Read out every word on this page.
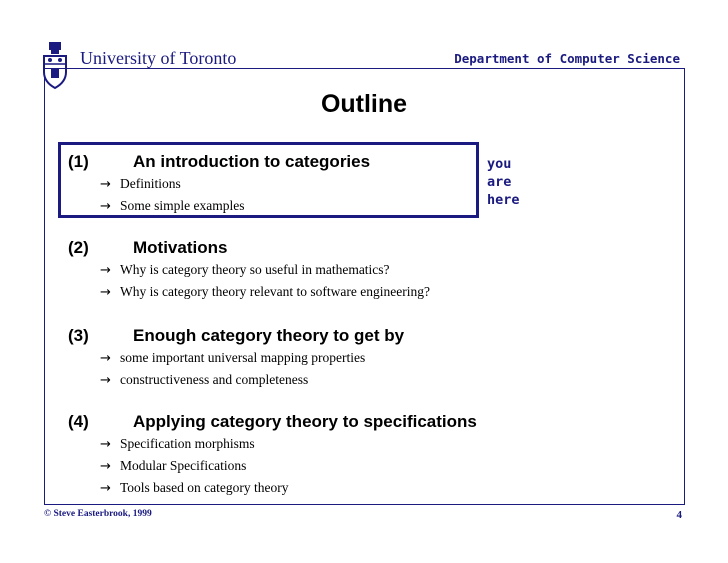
University of Toronto	Department of Computer Science
Outline
you
are
here
(1)	An introduction to categories
→ Definitions
→ Some simple examples
(2)	Motivations
→ Why is category theory so useful in mathematics?
→ Why is category theory relevant to software engineering?
(3)	Enough category theory to get by
→ some important universal mapping properties
→ constructiveness and completeness
(4)	Applying category theory to specifications
→ Specification morphisms
→ Modular Specifications
→ Tools based on category theory
© Steve Easterbrook, 1999	4
